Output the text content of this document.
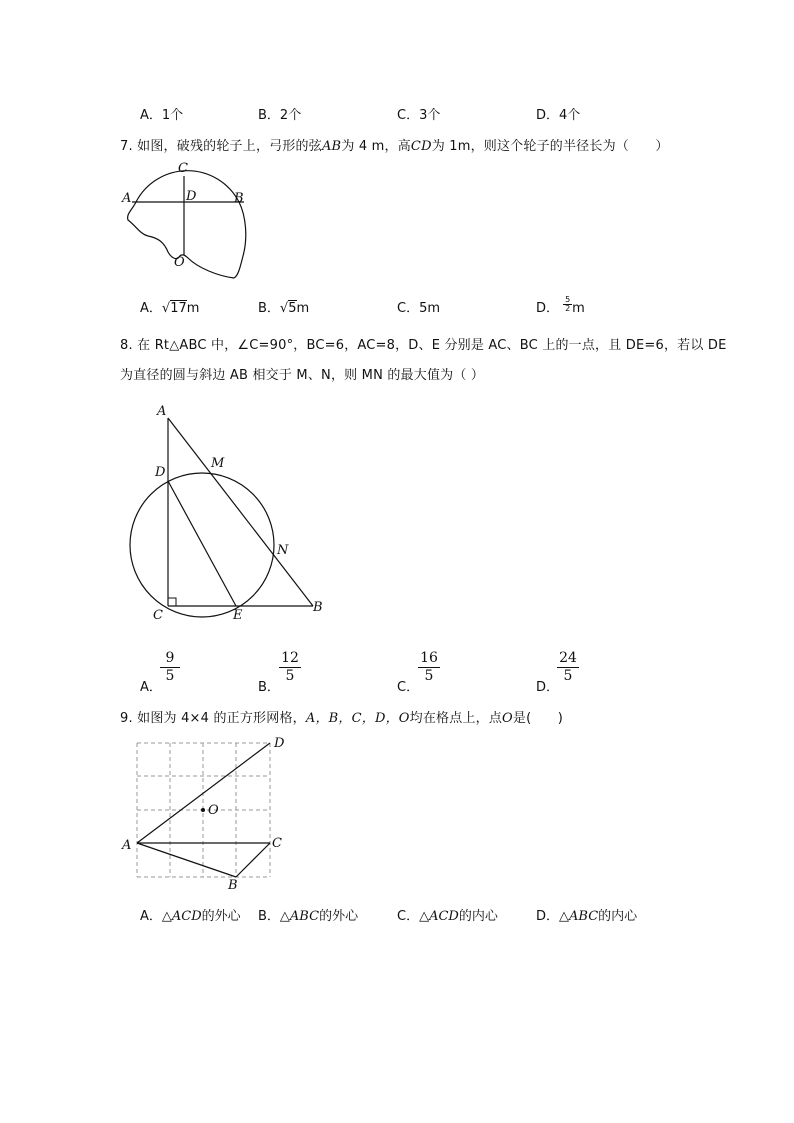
A．1个	B．2个	C．3个	D．4个
7. 如图，破残的轮子上，弓形的弦AB为 4 m，高CD为 1m，则这个轮子的半径长为（　　）
C
A	D	B
O
A．√17m	B．√5m	C．5m	D． $\frac{5}{2}$ m
8. 在 Rt△ABC 中，∠C=90°，BC=6，AC=8，D、E 分别是 AC、BC 上的一点，且 DE=6，若以 DE
为直径的圆与斜边 AB 相交于 M、N，则 MN 的最大值为（ ）
A
M
D
N
C	E
B
A．
$\frac{9}{5}$
B．
$\frac{12}{5}$
C．
$\frac{16}{5}$
D．
$\frac{24}{5}$
9. 如图为 4×4 的正方形网格，A，B，C，D，O均在格点上，点O是(　　)
D
O
A	C
B
A．△ACD的外心 B．△ABC的外心	C．△ACD的内心	D．△ABC的内心
